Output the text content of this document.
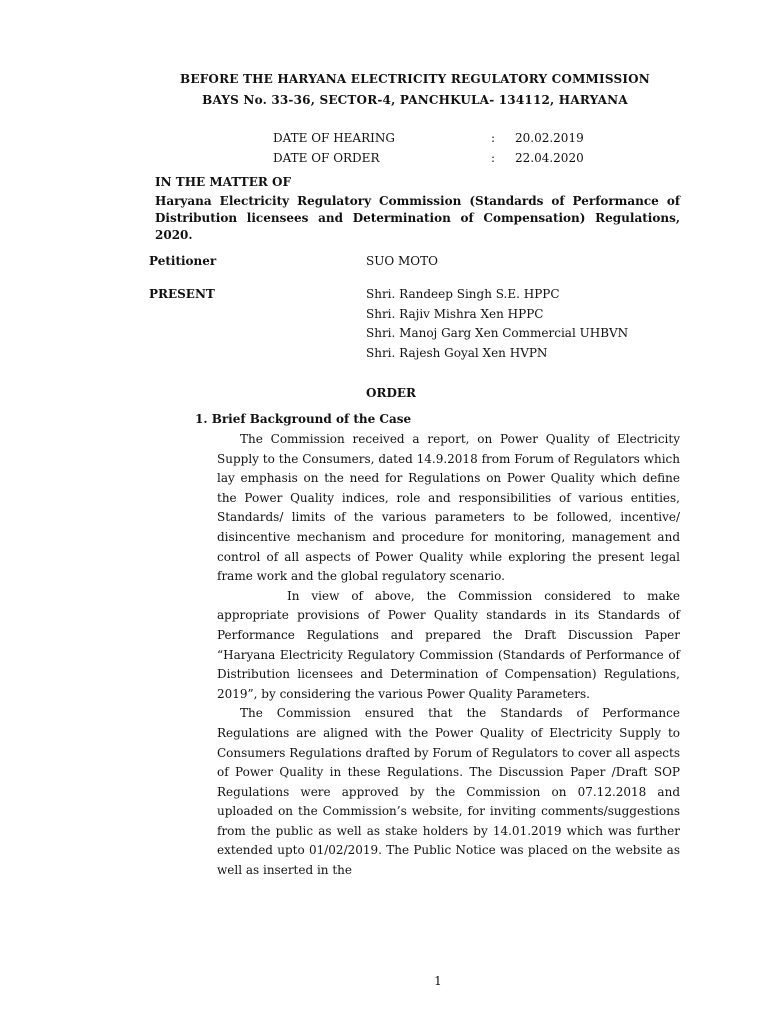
BEFORE THE HARYANA ELECTRICITY REGULATORY COMMISSION
BAYS No. 33-36, SECTOR-4, PANCHKULA- 134112, HARYANA
DATE OF HEARING	: 20.02.2019
DATE OF ORDER	: 22.04.2020
IN THE MATTER OF
Haryana Electricity Regulatory Commission (Standards of Performance of Distribution licensees and Determination of Compensation) Regulations, 2020.
Petitioner	SUO MOTO
PRESENT	Shri. Randeep Singh S.E. HPPC
Shri. Rajiv Mishra Xen HPPC
Shri. Manoj Garg Xen Commercial UHBVN
Shri. Rajesh Goyal Xen HVPN
ORDER
1. Brief Background of the Case

The Commission received a report, on Power Quality of Electricity Supply to the Consumers, dated 14.9.2018 from Forum of Regulators which lay emphasis on the need for Regulations on Power Quality which define the Power Quality indices, role and responsibilities of various entities, Standards/ limits of the various parameters to be followed, incentive/ disincentive mechanism and procedure for monitoring, management and control of all aspects of Power Quality while exploring the present legal frame work and the global regulatory scenario.

In view of above, the Commission considered to make appropriate provisions of Power Quality standards in its Standards of Performance Regulations and prepared the Draft Discussion Paper “Haryana Electricity Regulatory Commission (Standards of Performance of Distribution licensees and Determination of Compensation) Regulations, 2019”, by considering the various Power Quality Parameters.

The Commission ensured that the Standards of Performance Regulations are aligned with the Power Quality of Electricity Supply to Consumers Regulations drafted by Forum of Regulators to cover all aspects of Power Quality in these Regulations. The Discussion Paper /Draft SOP Regulations were approved by the Commission on 07.12.2018 and uploaded on the Commission’s website, for inviting comments/suggestions from the public as well as stake holders by 14.01.2019 which was further extended upto 01/02/2019. The Public Notice was placed on the website as well as inserted in the

1
